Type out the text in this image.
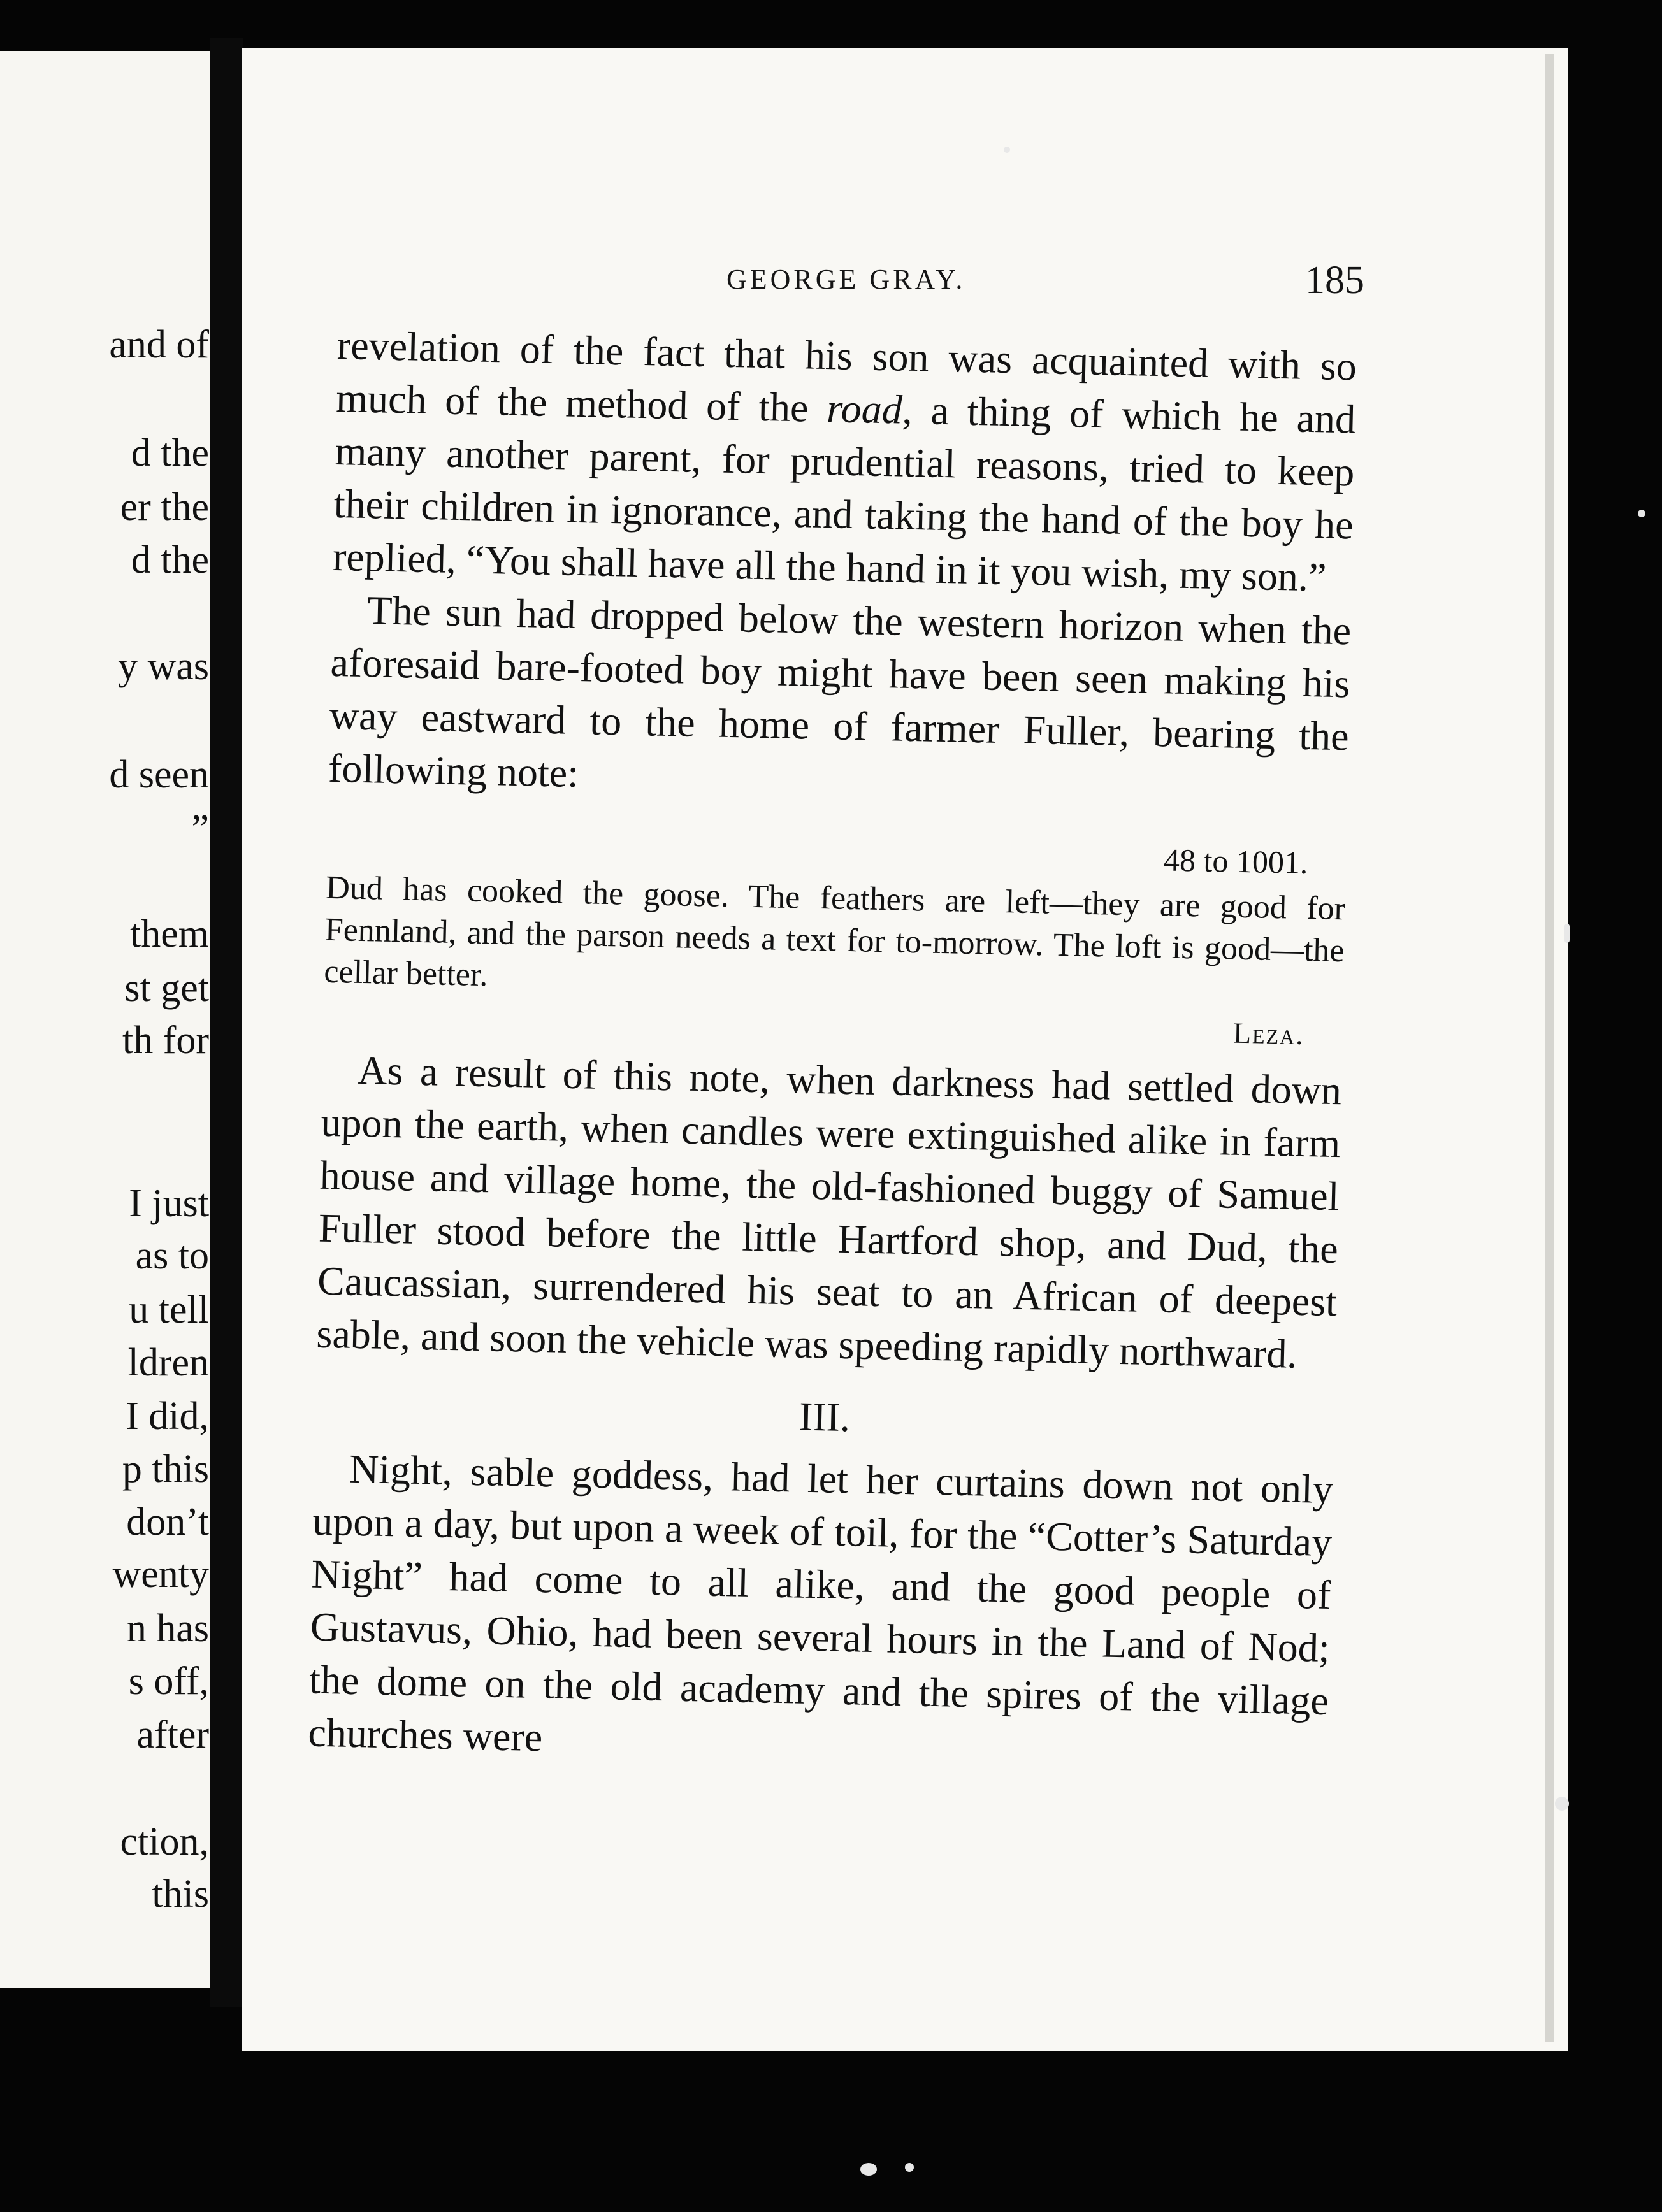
and of
d the
er the
d the
y was
d seen
”
them
st get
th for
I just
as to
u tell
ldren
I did,
p this
don’t
wenty
n has
s off,
after
ction,
this
GEORGE GRAY.	185

revelation of the fact that his son was acquainted with so much of the method of the road, a thing of which he and many another parent, for prudential reasons, tried to keep their children in ignorance, and taking the hand of the boy he replied, “You shall have all the hand in it you wish, my son.”

The sun had dropped below the western horizon when the aforesaid bare-footed boy might have been seen making his way eastward to the home of farmer Fuller, bearing the following note:

48 to 1001.

Dud has cooked the goose. The feathers are left—they are good for Fennland, and the parson needs a text for to-morrow. The loft is good—the cellar better.

Leza.

As a result of this note, when darkness had settled down upon the earth, when candles were extinguished alike in farm house and village home, the old-fashioned buggy of Samuel Fuller stood before the little Hartford shop, and Dud, the Caucassian, surrendered his seat to an African of deepest sable, and soon the vehicle was speeding rapidly northward.

III.

Night, sable goddess, had let her curtains down not only upon a day, but upon a week of toil, for the “Cotter’s Saturday Night” had come to all alike, and the good people of Gustavus, Ohio, had been several hours in the Land of Nod; the dome on the old academy and the spires of the village churches were
